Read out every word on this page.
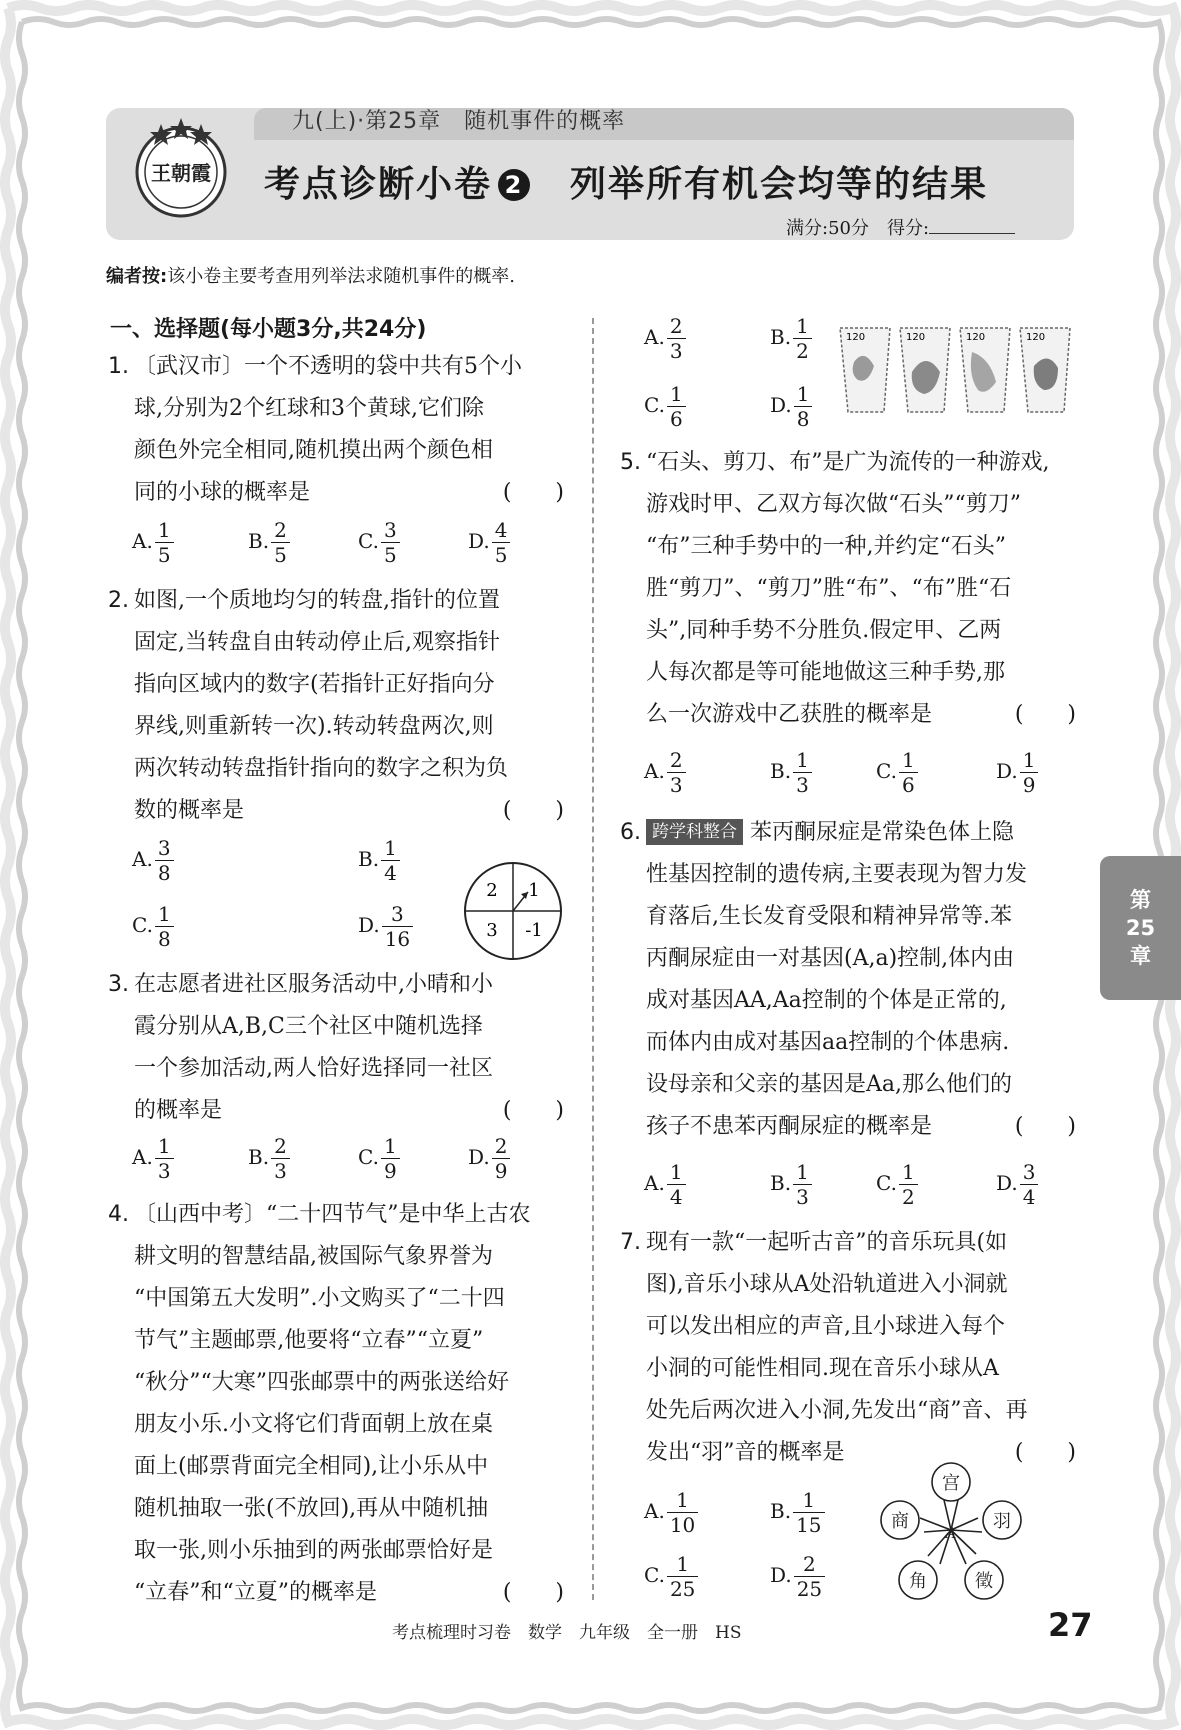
九(上)·第25章　随机事件的概率
王朝霞 考点诊断小卷 2 列举所有机会均等的结果
满分:50分　得分:
编者按:该小卷主要考查用列举法求随机事件的概率.
一、选择题(每小题3分,共24分)
1. 〔武汉市〕一个不透明的袋中共有5个小

球,分别为2个红球和3个黄球,它们除

颜色外完全相同,随机摸出两个颜色相

同的小球的概率是	(　　)

A. $\frac{1}{5}$	B. $\frac{2}{5}$	C. $\frac{3}{5}$	D. $\frac{4}{5}$
2. 如图,一个质地均匀的转盘,指针的位置

固定,当转盘自由转动停止后,观察指针

指向区域内的数字(若指针正好指向分

界线,则重新转一次).转动转盘两次,则

两次转动转盘指针指向的数字之积为负

数的概率是	(　　)

A. $\frac{3}{8}$	B. $\frac{1}{4}$
C. $\frac{1}{8}$	D. $\frac{3}{16}$
2 1
3 -1
3. 在志愿者进社区服务活动中,小晴和小

霞分别从A,B,C三个社区中随机选择

一个参加活动,两人恰好选择同一社区

的概率是	(　　)

A. $\frac{1}{3}$	B. $\frac{2}{3}$	C. $\frac{1}{9}$	D. $\frac{2}{9}$
4. 〔山西中考〕“二十四节气”是中华上古农

耕文明的智慧结晶,被国际气象界誉为

“中国第五大发明”.小文购买了“二十四

节气”主题邮票,他要将“立春”“立夏”

“秋分”“大寒”四张邮票中的两张送给好

朋友小乐.小文将它们背面朝上放在桌

面上(邮票背面完全相同),让小乐从中

随机抽取一张(不放回),再从中随机抽

取一张,则小乐抽到的两张邮票恰好是

“立春”和“立夏”的概率是	(　　)

A. $\frac{2}{3}$	B. $\frac{1}{2}$
C. $\frac{1}{6}$	D. $\frac{1}{8}$
120	120	120	120
5. “石头、剪刀、布”是广为流传的一种游戏,

游戏时甲、乙双方每次做“石头”“剪刀”

“布”三种手势中的一种,并约定“石头”

胜“剪刀”、“剪刀”胜“布”、“布”胜“石

头”,同种手势不分胜负.假定甲、乙两

人每次都是等可能地做这三种手势,那

么一次游戏中乙获胜的概率是	(　　)

A. $\frac{2}{3}$	B. $\frac{1}{3}$	C. $\frac{1}{6}$	D. $\frac{1}{9}$
6. 跨学科整合 苯丙酮尿症是常染色体上隐

性基因控制的遗传病,主要表现为智力发

育落后,生长发育受限和精神异常等.苯

丙酮尿症由一对基因(A,a)控制,体内由

成对基因AA,Aa控制的个体是正常的,

而体内由成对基因aa控制的个体患病.

设母亲和父亲的基因是Aa,那么他们的

孩子不患苯丙酮尿症的概率是	(　　)

A. $\frac{1}{4}$	B. $\frac{1}{3}$	C. $\frac{1}{2}$	D. $\frac{3}{4}$
7. 现有一款“一起听古音”的音乐玩具(如

图),音乐小球从A处沿轨道进入小洞就

可以发出相应的声音,且小球进入每个

小洞的可能性相同.现在音乐小球从A

处先后两次进入小洞,先发出“商”音、再

发出“羽”音的概率是	(　　)

A. $\frac{1}{10}$	B. $\frac{1}{15}$
C. $\frac{1}{25}$	D. $\frac{2}{25}$
宫
商	羽
角	徵
A
第
25
章
考点梳理时习卷　数学　九年级　全一册　HS	27
